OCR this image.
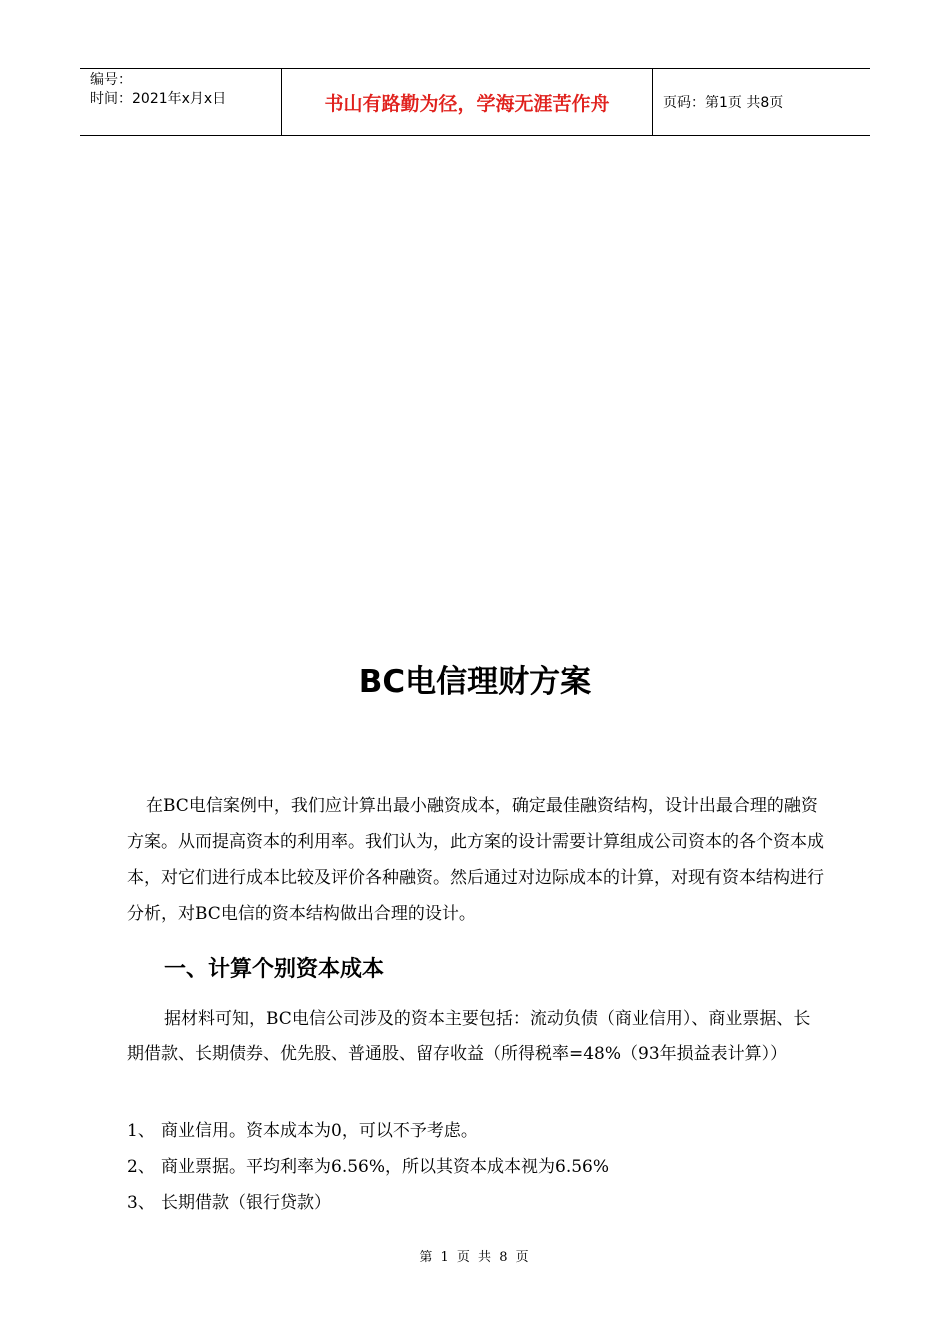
编号：
时间：2021年x月x日	书山有路勤为径，学海无涯苦作舟	页码：第1页 共8页
BC电信理财方案

在BC电信案例中，我们应计算出最小融资成本，确定最佳融资结构，设计出最合理的融资方案。从而提高资本的利用率。我们认为，此方案的设计需要计算组成公司资本的各个资本成本，对它们进行成本比较及评价各种融资。然后通过对边际成本的计算，对现有资本结构进行分析，对BC电信的资本结构做出合理的设计。

一、计算个别资本成本

据材料可知，BC电信公司涉及的资本主要包括：流动负债（商业信用）、商业票据、长期借款、长期债券、优先股、普通股、留存收益（所得税率=48%（93年损益表计算））

1、 商业信用。资本成本为0，可以不予考虑。
2、 商业票据。平均利率为6.56%，所以其资本成本视为6.56%
3、 长期借款（银行贷款）
第 1 页 共 8 页
